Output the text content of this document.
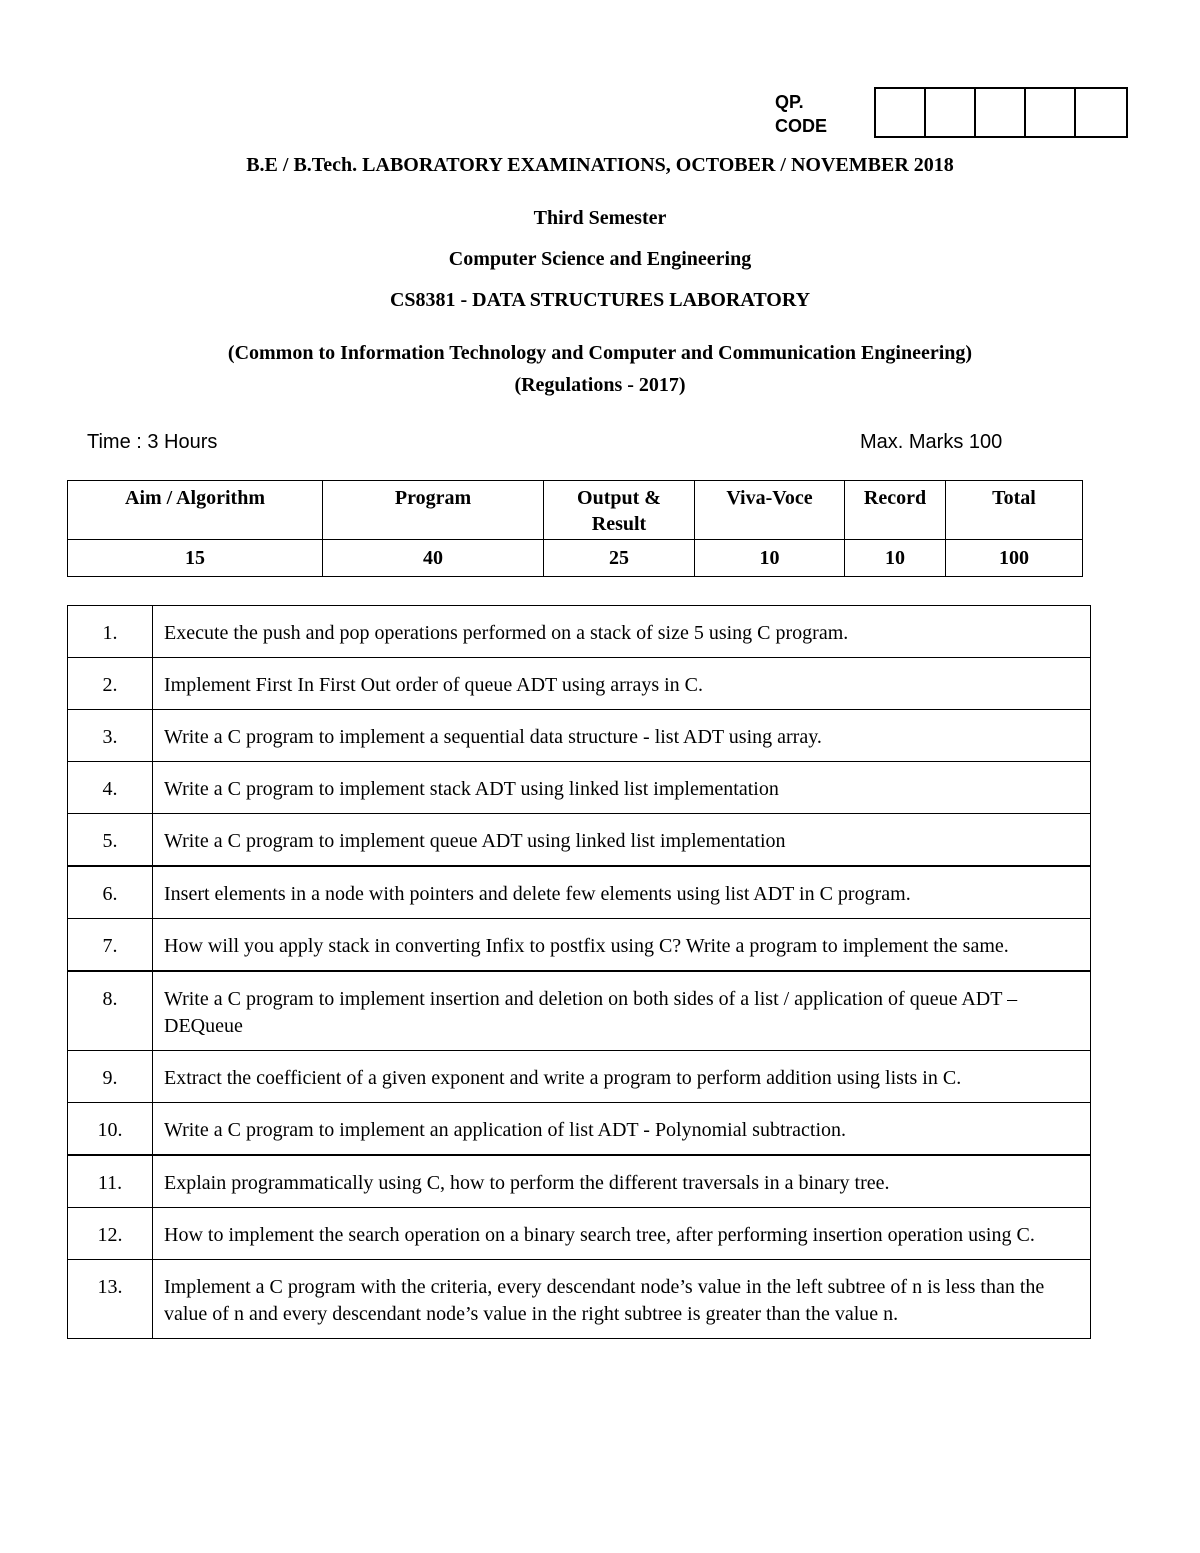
QP.
CODE
B.E / B.Tech. LABORATORY EXAMINATIONS, OCTOBER / NOVEMBER 2018
Third Semester
Computer Science and Engineering
CS8381 - DATA STRUCTURES LABORATORY
(Common to Information Technology and Computer and Communication Engineering)
(Regulations - 2017)
Time : 3 Hours	Max. Marks 100
Aim / Algorithm	Program	Output & Result	Viva-Voce	Record	Total
15	40	25	10	10	100
1.	Execute the push and pop operations performed on a stack of size 5 using C program.
2.	Implement First In First Out order of queue ADT using arrays in C.
3.	Write a C program to implement a sequential data structure - list ADT using array.
4.	Write a C program to implement stack ADT using linked list implementation
5.	Write a C program to implement queue ADT using linked list implementation
6.	Insert elements in a node with pointers and delete few elements using list ADT in C program.
7.	How will you apply stack in converting Infix to postfix using C? Write a program to implement the same.
8.	Write a C program to implement insertion and deletion on both sides of a list / application of queue ADT – DEQueue
9.	Extract the coefficient of a given exponent and write a program to perform addition using lists in C.
10.	Write a C program to implement an application of list ADT - Polynomial subtraction.
11.	Explain programmatically using C, how to perform the different traversals in a binary tree.
12.	How to implement the search operation on a binary search tree, after performing insertion operation using C.
13.	Implement a C program with the criteria, every descendant node’s value in the left subtree of n is less than the value of n and every descendant node’s value in the right subtree is greater than the value n.
